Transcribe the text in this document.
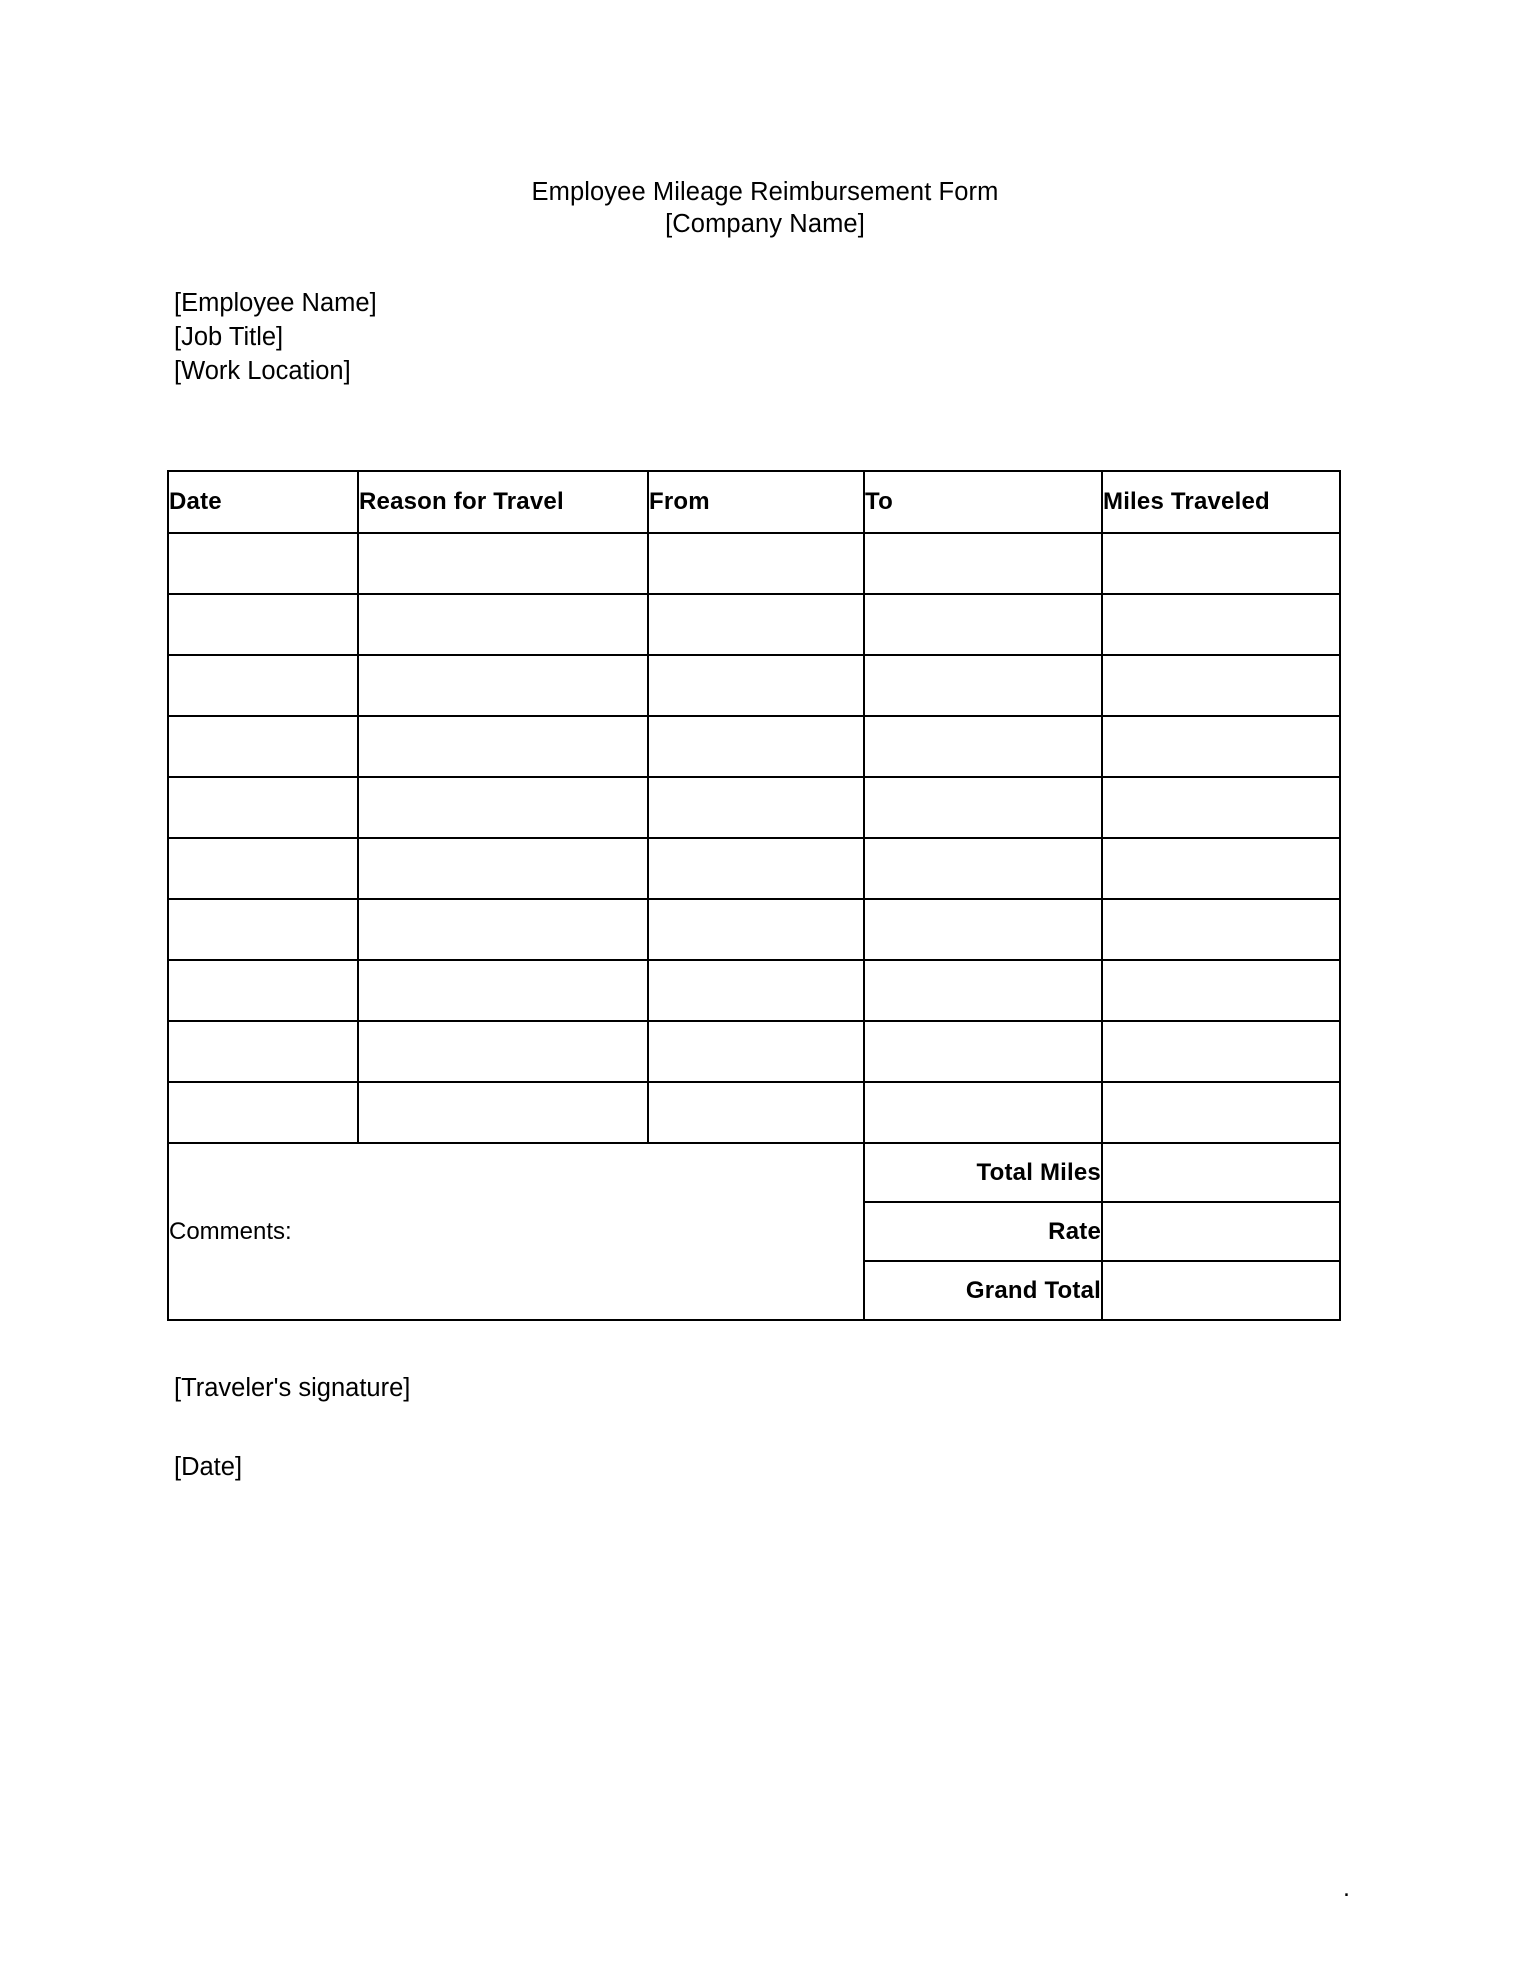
Employee Mileage Reimbursement Form
[Company Name]
[Employee Name]
[Job Title]
[Work Location]
Date	Reason for Travel	From	To	Miles Traveled

Comments:			Total Miles	
			Rate	
			Grand Total	
[Traveler's signature]
[Date]
.
